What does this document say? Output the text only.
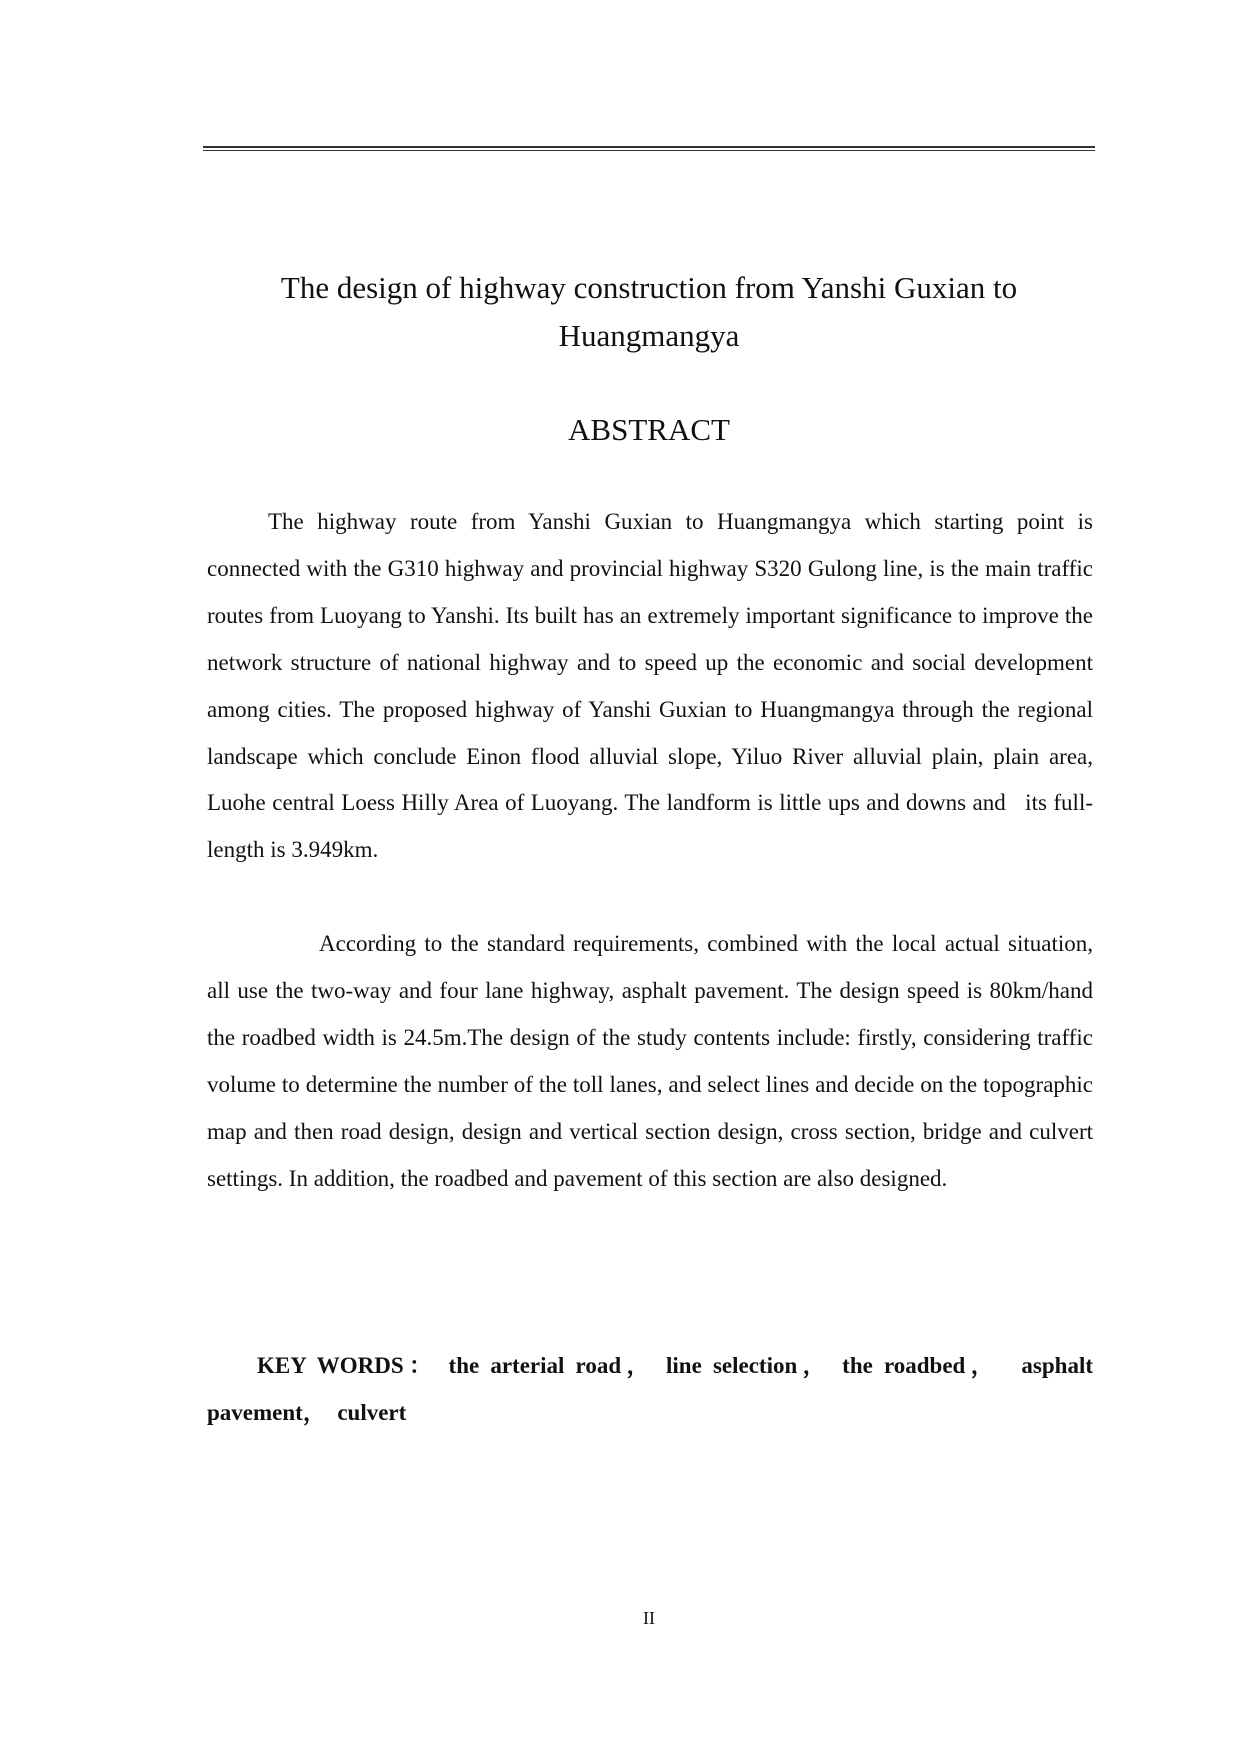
The design of highway construction from Yanshi Guxian to Huangmangya
ABSTRACT

The highway route from Yanshi Guxian to Huangmangya which starting point is connected with the G310 highway and provincial highway S320 Gulong line, is the main traffic routes from Luoyang to Yanshi. Its built has an extremely important significance to improve the network structure of national highway and to speed up the economic and social development among cities. The proposed highway of Yanshi Guxian to Huangmangya through the regional landscape which conclude Einon flood alluvial slope, Yiluo River alluvial plain, plain area, Luohe central Loess Hilly Area of Luoyang. The landform is little ups and downs and   its full-length is 3.949km.

According to the standard requirements, combined with the local actual situation, all use the two-way and four lane highway, asphalt pavement. The design speed is 80km/hand the roadbed width is 24.5m.The design of the study contents include: firstly, considering traffic volume to determine the number of the toll lanes, and select lines and decide on the topographic map and then road design, design and vertical section design, cross section, bridge and culvert settings. In addition, the roadbed and pavement of this section are also designed.

KEY WORDS： the arterial road， line selection， the roadbed，  asphalt pavement，  culvert

II
